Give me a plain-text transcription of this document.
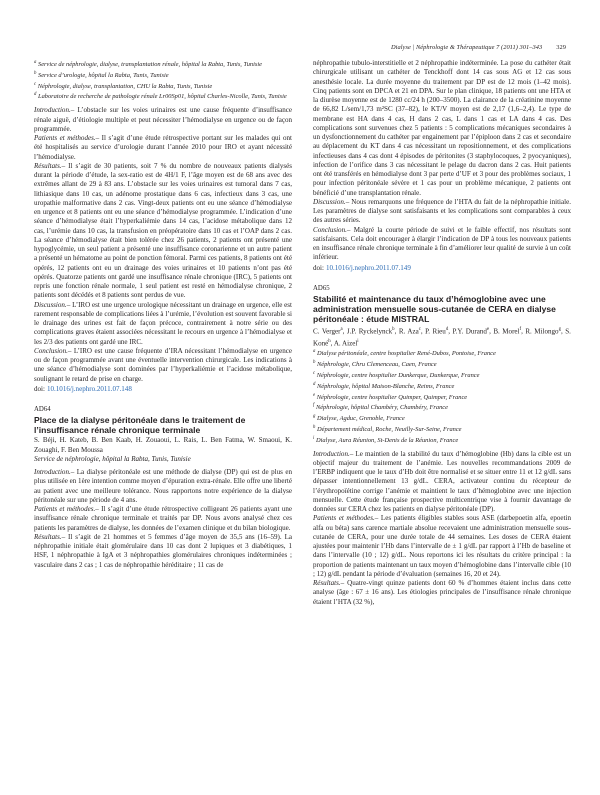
Dialyse | Néphrologie & Thérapeutique 7 (2011) 301–343 329

$^a$ Service de néphrologie, dialyse, transplantation rénale, hôpital la Rabta, Tunis, Tunisie

$^b$ Service d’urologie, hôpital la Rabta, Tunis, Tunisie

$^c$ Néphrologie, dialyse, transplantation, CHU la Rabta, Tunis, Tunisie

$^d$ Laboratoire de recherche de pathologie rénale Lr00Sp01, hôpital Charles-Nicolle, Tunis, Tunisie

Introduction.– L’obstacle sur les voies urinaires est une cause fréquente d’insuffisance rénale aiguë, d’étiologie multiple et peut nécessiter l’hémodialyse en urgence ou de façon programmée.

Patients et méthodes.– Il s’agit d’une étude rétrospective portant sur les malades qui ont été hospitalisés au service d’urologie durant l’année 2010 pour IRO et ayant nécessité l’hémodialyse.

Résultats.– Il s’agit de 30 patients, soit 7 % du nombre de nouveaux patients dialysés durant la période d’étude, la sex-ratio est de 4H/1 F, l’âge moyen est de 68 ans avec des extrêmes allant de 29 à 83 ans. L’obstacle sur les voies urinaires est tumoral dans 7 cas, lithiasique dans 10 cas, un adénome prostatique dans 6 cas, infectieux dans 3 cas, une uropathie malformative dans 2 cas. Vingt-deux patients ont eu une séance d’hémodialyse en urgence et 8 patients ont eu une séance d’hémodialyse programmée. L’indication d’une séance d’hémodialyse était l’hyperkaliémie dans 14 cas, l’acidose métabolique dans 12 cas, l’urémie dans 10 cas, la transfusion en préopératoire dans 10 cas et l’OAP dans 2 cas. La séance d’hémodialyse était bien tolérée chez 26 patients, 2 patients ont présenté une hypoglycémie, un seul patient a présenté une insuffisance coronarienne et un autre patient a présenté un hématome au point de ponction fémoral. Parmi ces patients, 8 patients ont été opérés, 12 patients ont eu un drainage des voies urinaires et 10 patients n’ont pas été opérés. Quatorze patients ont gardé une insuffisance rénale chronique (IRC), 5 patients ont repris une fonction rénale normale, 1 seul patient est resté en hémodialyse chronique, 2 patients sont décédés et 8 patients sont perdus de vue.

Discussion.– L’IRO est une urgence urologique nécessitant un drainage en urgence, elle est rarement responsable de complications liées à l’urémie, l’évolution est souvent favorable si le drainage des urines est fait de façon précoce, contrairement à notre série ou des complications graves étaient associées nécessitant le recours en urgence à l’hémodialyse et les 2/3 des patients ont gardé une IRC.

Conclusion.– L’IRO est une cause fréquente d’IRA nécessitant l’hémodialyse en urgence ou de façon programmée avant une éventuelle intervention chirurgicale. Les indications à une séance d’hémodialyse sont dominées par l’hyperkaliémie et l’acidose métabolique, soulignant le retard de prise en charge.

doi: 10.1016/j.nephro.2011.07.148

AD64
Place de la dialyse péritonéale dans le traitement de l’insuffisance rénale chronique terminale

S. Béji, H. Kateb, B. Ben Kaab, H. Zouaoui, L. Rais, L. Ben Fatma, W. Smaoui, K. Zouaghi, F. Ben Moussa

Service de néphrologie, hôpital la Rabta, Tunis, Tunisie

Introduction.– La dialyse péritonéale est une méthode de dialyse (DP) qui est de plus en plus utilisée en 1ère intention comme moyen d’épuration extra-rénale. Elle offre une liberté au patient avec une meilleure tolérance. Nous rapportons notre expérience de la dialyse péritonéale sur une période de 4 ans.

Patients et méthodes.– Il s’agit d’une étude rétrospective colligeant 26 patients ayant une insuffisance rénale chronique terminale et traités par DP. Nous avons analysé chez ces patients les paramètres de dialyse, les données de l’examen clinique et du bilan biologique.

Résultats.– Il s’agit de 21 hommes et 5 femmes d’âge moyen de 35,5 ans (16–59). La néphropathie initiale était glomérulaire dans 10 cas dont 2 lupiques et 3 diabétiques, 1 HSF, 1 néphropathie à IgA et 3 néphropathies glomérulaires chroniques indéterminées ; vasculaire dans 2 cas ; 1 cas de néphropathie héréditaire ; 11 cas de

néphropathie tubulo-interstitielle et 2 néphropathie indéterminée. La pose du cathéter était chirurgicale utilisant un cathéter de Tenckhoff dont 14 cas sous AG et 12 cas sous anesthésie locale. La durée moyenne du traitement par DP est de 12 mois (1–42 mois). Cinq patients sont en DPCA et 21 en DPA. Sur le plan clinique, 18 patients ont une HTA et la diurèse moyenne est de 1280 cc/24 h (200–3500). La clairance de la créatinine moyenne de 66,82 L/sem/1,73 m²SC (37–82), le KT/V moyen est de 2,17 (1,6–2,4). Le type de membrane est HA dans 4 cas, H dans 2 cas, L dans 1 cas et LA dans 4 cas. Des complications sont survenues chez 5 patients : 5 complications mécaniques secondaires à un dysfonctionnement du cathéter par engainement par l’épiploon dans 2 cas et secondaire au déplacement du KT dans 4 cas nécessitant un repositionnement, et des complications infectieuses dans 4 cas dont 4 épisodes de péritonites (3 staphylocoques, 2 pyocyaniques), infection de l’orifice dans 3 cas nécessitant le pelage du dacron dans 2 cas. Huit patients ont été transférés en hémodialyse dont 3 par perte d’UF et 3 pour des problèmes sociaux, 1 pour infection péritonéale sévère et 1 cas pour un problème mécanique, 2 patients ont bénéficié d’une transplantation rénale.

Discussion.– Nous remarquons une fréquence de l’HTA du fait de la néphropathie initiale. Les paramètres de dialyse sont satisfaisants et les complications sont comparables à ceux des autres séries.

Conclusion.– Malgré la courte période de suivi et le faible effectif, nos résultats sont satisfaisants. Cela doit encourager à élargir l’indication de DP à tous les nouveaux patients en insuffisance rénale chronique terminale à fin d’améliorer leur qualité de survie à un coût inférieur.

doi: 10.1016/j.nephro.2011.07.149

AD65
Stabilité et maintenance du taux d’hémoglobine avec une administration mensuelle sous-cutanée de CERA en dialyse péritonéale : étude MISTRAL

C. Verger$^a$, J.P. Ryckelynck$^b$, R. Aza$^c$, P. Rieu$^d$, P.Y. Durand$^e$, B. Morel$^f$, R. Milongo$^g$, S. Koné$^h$, A. Aizel$^i$

$^a$ Dialyse péritonéale, centre hospitalier René-Dubos, Pontoise, France

$^b$ Néphrologie, Chru Clemenceau, Caen, France

$^c$ Néphrologie, centre hospitalier Dunkerque, Dunkerque, France

$^d$ Néphrologie, hôpital Maison-Blanche, Reims, France

$^e$ Néphrologie, centre hospitalier Quimper, Quimper, France

$^f$ Néphrologie, hôpital Chambéry, Chambéry, France

$^g$ Dialyse, Agduc, Grenoble, France

$^h$ Département médical, Roche, Neuilly-Sur-Seine, France

$^i$ Dialyse, Aura Réunion, St-Denis de la Réunion, France

Introduction.– Le maintien de la stabilité du taux d’hémoglobine (Hb) dans la cible est un objectif majeur du traitement de l’anémie. Les nouvelles recommandations 2009 de l’ERBP indiquent que le taux d’Hb doit être normalisé et se situer entre 11 et 12 g/dL sans dépasser intentionnellement 13 g/dL. CERA, activateur continu du récepteur de l’érythropoïétine corrige l’anémie et maintient le taux d’hémoglobine avec une injection mensuelle. Cette étude française prospective multicentrique vise à fournir davantage de données sur CERA chez les patients en dialyse péritonéale (DP).

Patients et méthodes.– Les patients éligibles stables sous ASE (darbepoetin alfa, epoetin alfa ou béta) sans carence martiale absolue recevaient une administration mensuelle sous-cutanée de CERA, pour une durée totale de 44 semaines. Les doses de CERA étaient ajustées pour maintenir l’Hb dans l’intervalle de ± 1 g/dL par rapport à l’Hb de baseline et dans l’intervalle (10 ; 12) g/dL. Nous reportons ici les résultats du critère principal : la proportion de patients maintenant un taux moyen d’hémoglobine dans l’intervalle cible (10 ; 12) g/dL pendant la période d’évaluation (semaines 16, 20 et 24).

Résultats.– Quatre-vingt quinze patients dont 60 % d’hommes étaient inclus dans cette analyse (âge : 67 ± 16 ans). Les étiologies principales de l’insuffisance rénale chronique étaient l’HTA (32 %),
